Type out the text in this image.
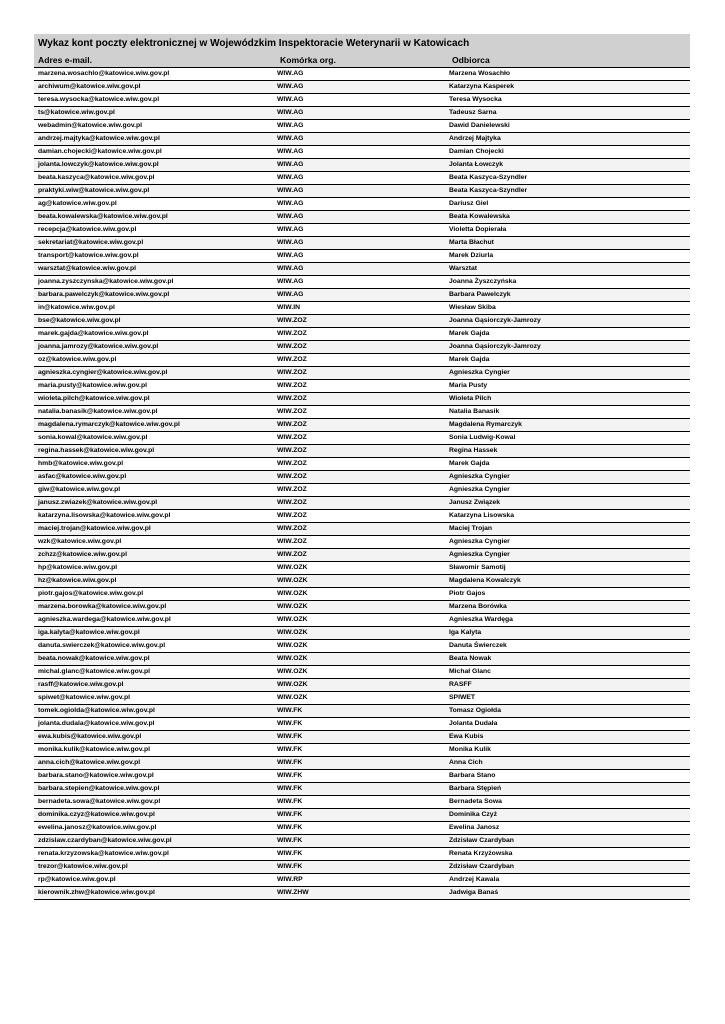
Wykaz kont poczty elektronicznej w Wojewódzkim Inspektoracie Weterynarii w Katowicach
Adres e-mail.	Komórka org.	Odbiorca
marzena.wosachlo@katowice.wiw.gov.pl	WIW.AG	Marzena Wosachło
archiwum@katowice.wiw.gov.pl	WIW.AG	Katarzyna Kasperek
teresa.wysocka@katowice.wiw.gov.pl	WIW.AG	Teresa Wysocka
ts@katowice.wiw.gov.pl	WIW.AG	Tadeusz Sarna
webadmin@katowice.wiw.gov.pl	WIW.AG	Dawid Danielewski
andrzej.majtyka@katowice.wiw.gov.pl	WIW.AG	Andrzej Majtyka
damian.chojecki@katowice.wiw.gov.pl	WIW.AG	Damian Chojecki
jolanta.lowczyk@katowice.wiw.gov.pl	WIW.AG	Jolanta Łowczyk
beata.kaszyca@katowice.wiw.gov.pl	WIW.AG	Beata Kaszyca-Szyndler
praktyki.wiw@katowice.wiw.gov.pl	WIW.AG	Beata Kaszyca-Szyndler
ag@katowice.wiw.gov.pl	WIW.AG	Dariusz Giel
beata.kowalewska@katowice.wiw.gov.pl	WIW.AG	Beata Kowalewska
recepcja@katowice.wiw.gov.pl	WIW.AG	Violetta Dopierała
sekretariat@katowice.wiw.gov.pl	WIW.AG	Marta Błachut
transport@katowice.wiw.gov.pl	WIW.AG	Marek Dziurla
warsztat@katowice.wiw.gov.pl	WIW.AG	Warsztat
joanna.zyszczynska@katowice.wiw.gov.pl	WIW.AG	Joanna Żyszczyńska
barbara.pawelczyk@katowice.wiw.gov.pl	WIW.AG	Barbara Pawelczyk
in@katowice.wiw.gov.pl	WIW.IN	Wiesław Skiba
bse@katowice.wiw.gov.pl	WIW.ZOZ	Joanna Gąsiorczyk-Jamrozy
marek.gajda@katowice.wiw.gov.pl	WIW.ZOZ	Marek Gajda
joanna.jamrozy@katowice.wiw.gov.pl	WIW.ZOZ	Joanna Gąsiorczyk-Jamrozy
oz@katowice.wiw.gov.pl	WIW.ZOZ	Marek Gajda
agnieszka.cyngier@katowice.wiw.gov.pl	WIW.ZOZ	Agnieszka Cyngier
maria.pusty@katowice.wiw.gov.pl	WIW.ZOZ	Maria Pusty
wioleta.pilch@katowice.wiw.gov.pl	WIW.ZOZ	Wioleta Pilch
natalia.banasik@katowice.wiw.gov.pl	WIW.ZOZ	Natalia Banasik
magdalena.rymarczyk@katowice.wiw.gov.pl	WIW.ZOZ	Magdalena Rymarczyk
sonia.kowal@katowice.wiw.gov.pl	WIW.ZOZ	Sonia Ludwig-Kowal
regina.hassek@katowice.wiw.gov.pl	WIW.ZOZ	Regina Hassek
hmb@katowice.wiw.gov.pl	WIW.ZOZ	Marek Gajda
asfac@katowice.wiw.gov.pl	WIW.ZOZ	Agnieszka Cyngier
giw@katowice.wiw.gov.pl	WIW.ZOZ	Agnieszka Cyngier
janusz.zwiazek@katowice.wiw.gov.pl	WIW.ZOZ	Janusz Związek
katarzyna.lisowska@katowice.wiw.gov.pl	WIW.ZOZ	Katarzyna Lisowska
maciej.trojan@katowice.wiw.gov.pl	WIW.ZOZ	Maciej Trojan
wzk@katowice.wiw.gov.pl	WIW.ZOZ	Agnieszka Cyngier
zchzz@katowice.wiw.gov.pl	WIW.ZOZ	Agnieszka Cyngier
hp@katowice.wiw.gov.pl	WIW.OZK	Sławomir Samotij
hz@katowice.wiw.gov.pl	WIW.OZK	Magdalena Kowalczyk
piotr.gajos@katowice.wiw.gov.pl	WIW.OZK	Piotr Gajos
marzena.borowka@katowice.wiw.gov.pl	WIW.OZK	Marzena Borówka
agnieszka.wardega@katowice.wiw.gov.pl	WIW.OZK	Agnieszka Wardęga
iga.kalyta@katowice.wiw.gov.pl	WIW.OZK	Iga Kalyta
danuta.swierczek@katowice.wiw.gov.pl	WIW.OZK	Danuta Świerczek
beata.nowak@katowice.wiw.gov.pl	WIW.OZK	Beata Nowak
michal.glanc@katowice.wiw.gov.pl	WIW.OZK	Michał Glanc
rasff@katowice.wiw.gov.pl	WIW.OZK	RASFF
spiwet@katowice.wiw.gov.pl	WIW.OZK	SPIWET
tomek.ogiolda@katowice.wiw.gov.pl	WIW.FK	Tomasz Ogiołda
jolanta.dudala@katowice.wiw.gov.pl	WIW.FK	Jolanta Dudała
ewa.kubis@katowice.wiw.gov.pl	WIW.FK	Ewa Kubis
monika.kulik@katowice.wiw.gov.pl	WIW.FK	Monika Kulik
anna.cich@katowice.wiw.gov.pl	WIW.FK	Anna Cich
barbara.stano@katowice.wiw.gov.pl	WIW.FK	Barbara Stano
barbara.stepien@katowice.wiw.gov.pl	WIW.FK	Barbara Stępień
bernadeta.sowa@katowice.wiw.gov.pl	WIW.FK	Bernadeta Sowa
dominika.czyz@katowice.wiw.gov.pl	WIW.FK	Dominika Czyż
ewelina.janosz@katowice.wiw.gov.pl	WIW.FK	Ewelina Janosz
zdzislaw.czardyban@katowice.wiw.gov.pl	WIW.FK	Zdzisław Czardyban
renata.krzyzowska@katowice.wiw.gov.pl	WIW.FK	Renata Krzyżowska
trezor@katowice.wiw.gov.pl	WIW.FK	Zdzisław Czardyban
rp@katowice.wiw.gov.pl	WIW.RP	Andrzej Kawala
kierownik.zhw@katowice.wiw.gov.pl	WIW.ZHW	Jadwiga Banaś
